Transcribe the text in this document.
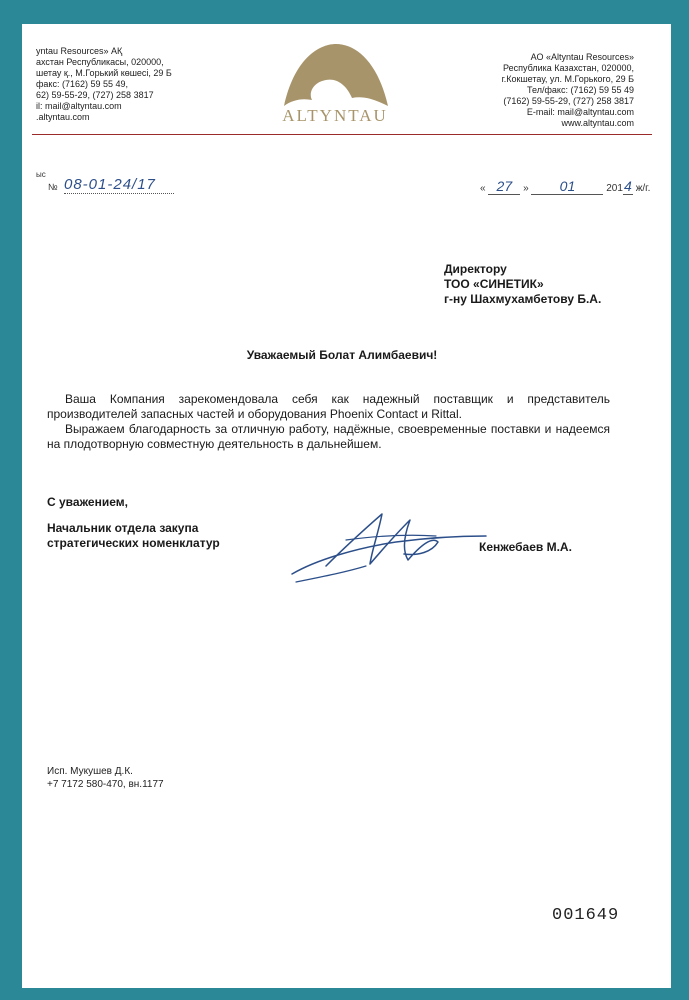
yntau Resources» АҚ
ахстан Республикасы, 020000,
шетау қ., М.Горький көшесі, 29 Б
факс: (7162) 59 55 49,
62) 59-55-29, (727) 258 3817
il: mail@altyntau.com
.altyntau.com	ALTYNTAU
АО «Altyntau Resources»
Республика Казахстан, 020000,
г.Кокшетау, ул. М.Горького, 29 Б
Тел/факс: (7162) 59 55 49
(7162) 59-55-29, (727) 258 3817
E-mail: mail@altyntau.com
www.altyntau.com
ыс
№ 08-01-24/17	« 27 » 01	2014 ж/г.
Директору
ТОО «СИНЕТИК»
г-ну Шахмухамбетову Б.А.
Уважаемый Болат Алимбаевич!

Ваша Компания зарекомендовала себя как надежный поставщик и представитель производителей запасных частей и оборудования Phoenix Contact и Rittal.

Выражаем благодарность за отличную работу, надёжные, своевременные поставки и надеемся на плодотворную совместную деятельность в дальнейшем.

С уважением,
Начальник отдела закупа
стратегических номенклатур	Кенжебаев М.А.
Исп. Мукушев Д.К.
+7 7172 580-470, вн.1177
001649
